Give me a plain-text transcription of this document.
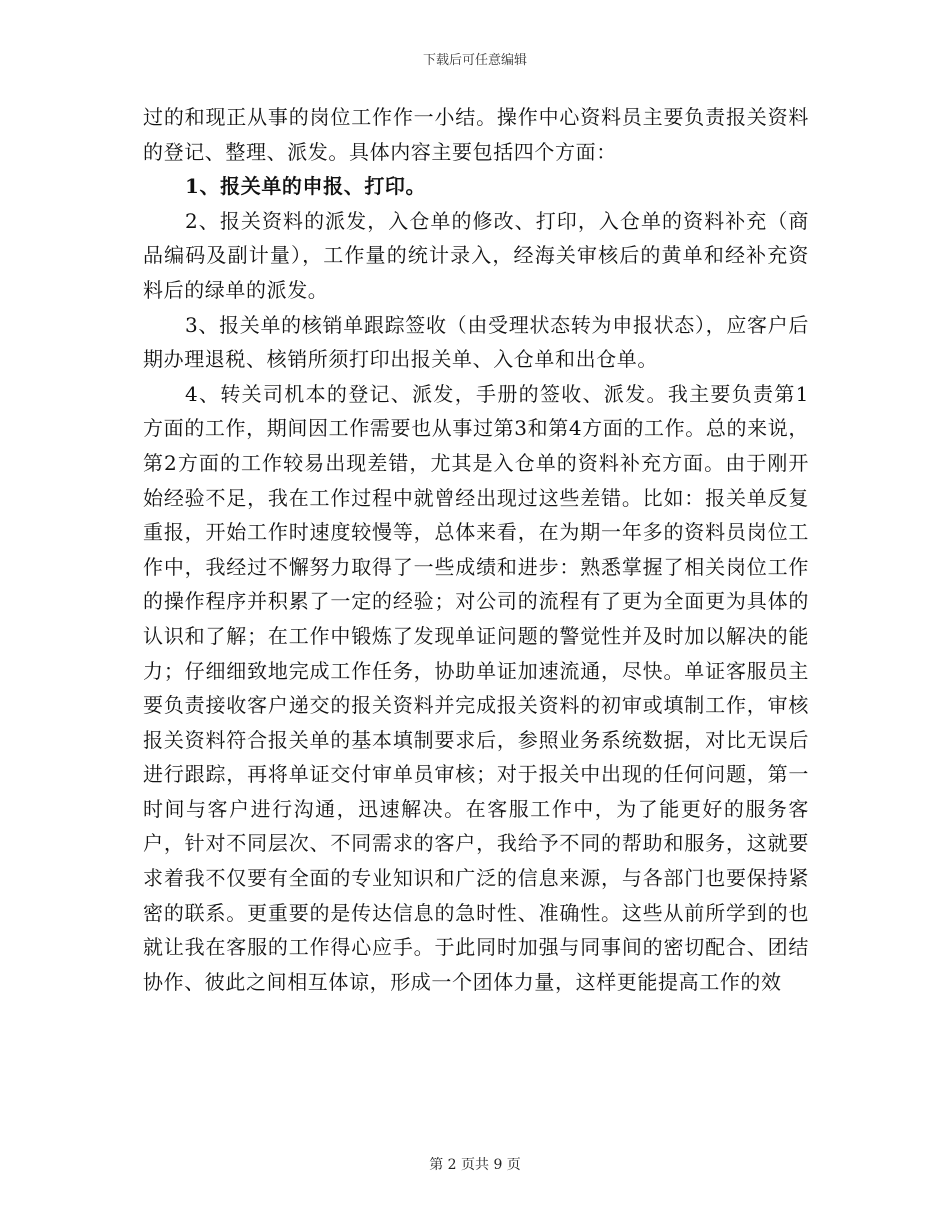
下载后可任意编辑

过的和现正从事的岗位工作作一小结。操作中心资料员主要负责报关资料的登记、整理、派发。具体内容主要包括四个方面：

1、报关单的申报、打印。

2、报关资料的派发，入仓单的修改、打印，入仓单的资料补充（商品编码及副计量），工作量的统计录入，经海关审核后的黄单和经补充资料后的绿单的派发。

3、报关单的核销单跟踪签收（由受理状态转为申报状态），应客户后期办理退税、核销所须打印出报关单、入仓单和出仓单。

4、转关司机本的登记、派发，手册的签收、派发。我主要负责第1方面的工作，期间因工作需要也从事过第3和第4方面的工作。总的来说，第2方面的工作较易出现差错，尤其是入仓单的资料补充方面。由于刚开始经验不足，我在工作过程中就曾经出现过这些差错。比如：报关单反复重报，开始工作时速度较慢等，总体来看，在为期一年多的资料员岗位工作中，我经过不懈努力取得了一些成绩和进步：熟悉掌握了相关岗位工作的操作程序并积累了一定的经验；对公司的流程有了更为全面更为具体的认识和了解；在工作中锻炼了发现单证问题的警觉性并及时加以解决的能力；仔细细致地完成工作任务，协助单证加速流通，尽快。单证客服员主要负责接收客户递交的报关资料并完成报关资料的初审或填制工作，审核报关资料符合报关单的基本填制要求后，参照业务系统数据，对比无误后进行跟踪，再将单证交付审单员审核；对于报关中出现的任何问题，第一时间与客户进行沟通，迅速解决。在客服工作中，为了能更好的服务客户，针对不同层次、不同需求的客户，我给予不同的帮助和服务，这就要求着我不仅要有全面的专业知识和广泛的信息来源，与各部门也要保持紧密的联系。更重要的是传达信息的急时性、准确性。这些从前所学到的也就让我在客服的工作得心应手。于此同时加强与同事间的密切配合、团结协作、彼此之间相互体谅，形成一个团体力量，这样更能提高工作的效

第 2 页共 9 页
